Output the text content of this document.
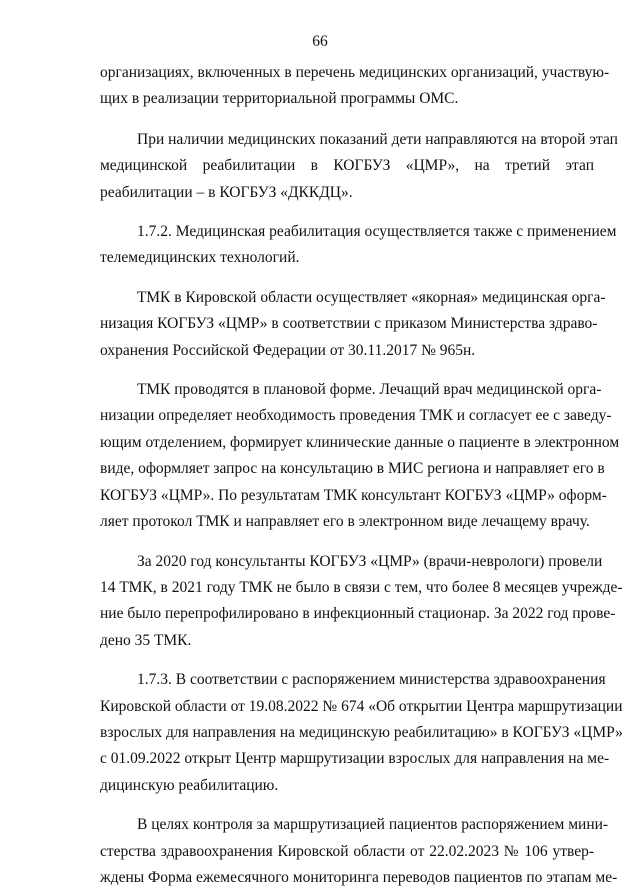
66
организациях, включенных в перечень медицинских организаций, участвую-
щих в реализации территориальной программы ОМС.
При наличии медицинских показаний дети направляются на второй этап
медицинской реабилитации в КОГБУЗ «ЦМР», на третий этап
реабилитации – в КОГБУЗ «ДККДЦ».
1.7.2. Медицинская реабилитация осуществляется также с применением
телемедицинских технологий.
ТМК в Кировской области осуществляет «якорная» медицинская орга-
низация КОГБУЗ «ЦМР» в соответствии с приказом Министерства здраво-
охранения Российской Федерации от 30.11.2017 № 965н.
ТМК проводятся в плановой форме. Лечащий врач медицинской орга-
низации определяет необходимость проведения ТМК и согласует ее с заведу-
ющим отделением, формирует клинические данные о пациенте в электронном
виде, оформляет запрос на консультацию в МИС региона и направляет его в
КОГБУЗ «ЦМР». По результатам ТМК консультант КОГБУЗ «ЦМР» оформ-
ляет протокол ТМК и направляет его в электронном виде лечащему врачу.
За 2020 год консультанты КОГБУЗ «ЦМР» (врачи-неврологи) провели
14 ТМК, в 2021 году ТМК не было в связи с тем, что более 8 месяцев учрежде-
ние было перепрофилировано в инфекционный стационар. За 2022 год прове-
дено 35 ТМК.
1.7.3. В соответствии с распоряжением министерства здравоохранения
Кировской области от 19.08.2022 № 674 «Об открытии Центра маршрутизации
взрослых для направления на медицинскую реабилитацию» в КОГБУЗ «ЦМР»
с 01.09.2022 открыт Центр маршрутизации взрослых для направления на ме-
дицинскую реабилитацию.
В целях контроля за маршрутизацией пациентов распоряжением мини-
стерства здравоохранения Кировской области от 22.02.2023 № 106 утвер-
ждены Форма ежемесячного мониторинга переводов пациентов по этапам ме-
